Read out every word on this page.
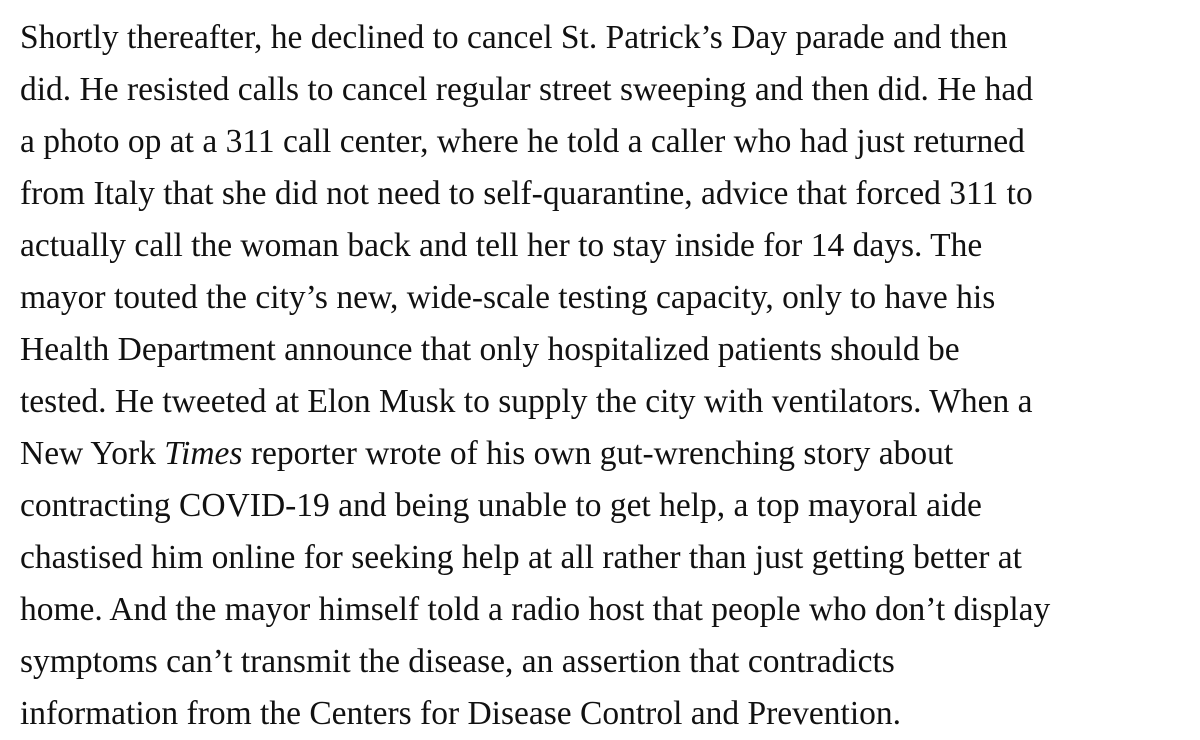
Shortly thereafter, he declined to cancel St. Patrick’s Day parade and then
did. He resisted calls to cancel regular street sweeping and then did. He had
a photo op at a 311 call center, where he told a caller who had just returned
from Italy that she did not need to self-quarantine, advice that forced 311 to
actually call the woman back and tell her to stay inside for 14 days. The
mayor touted the city’s new, wide-scale testing capacity, only to have his
Health Department announce that only hospitalized patients should be
tested. He tweeted at Elon Musk to supply the city with ventilators. When a
New York Times reporter wrote of his own gut-wrenching story about
contracting COVID-19 and being unable to get help, a top mayoral aide
chastised him online for seeking help at all rather than just getting better at
home. And the mayor himself told a radio host that people who don’t display
symptoms can’t transmit the disease, an assertion that contradicts
information from the Centers for Disease Control and Prevention.
